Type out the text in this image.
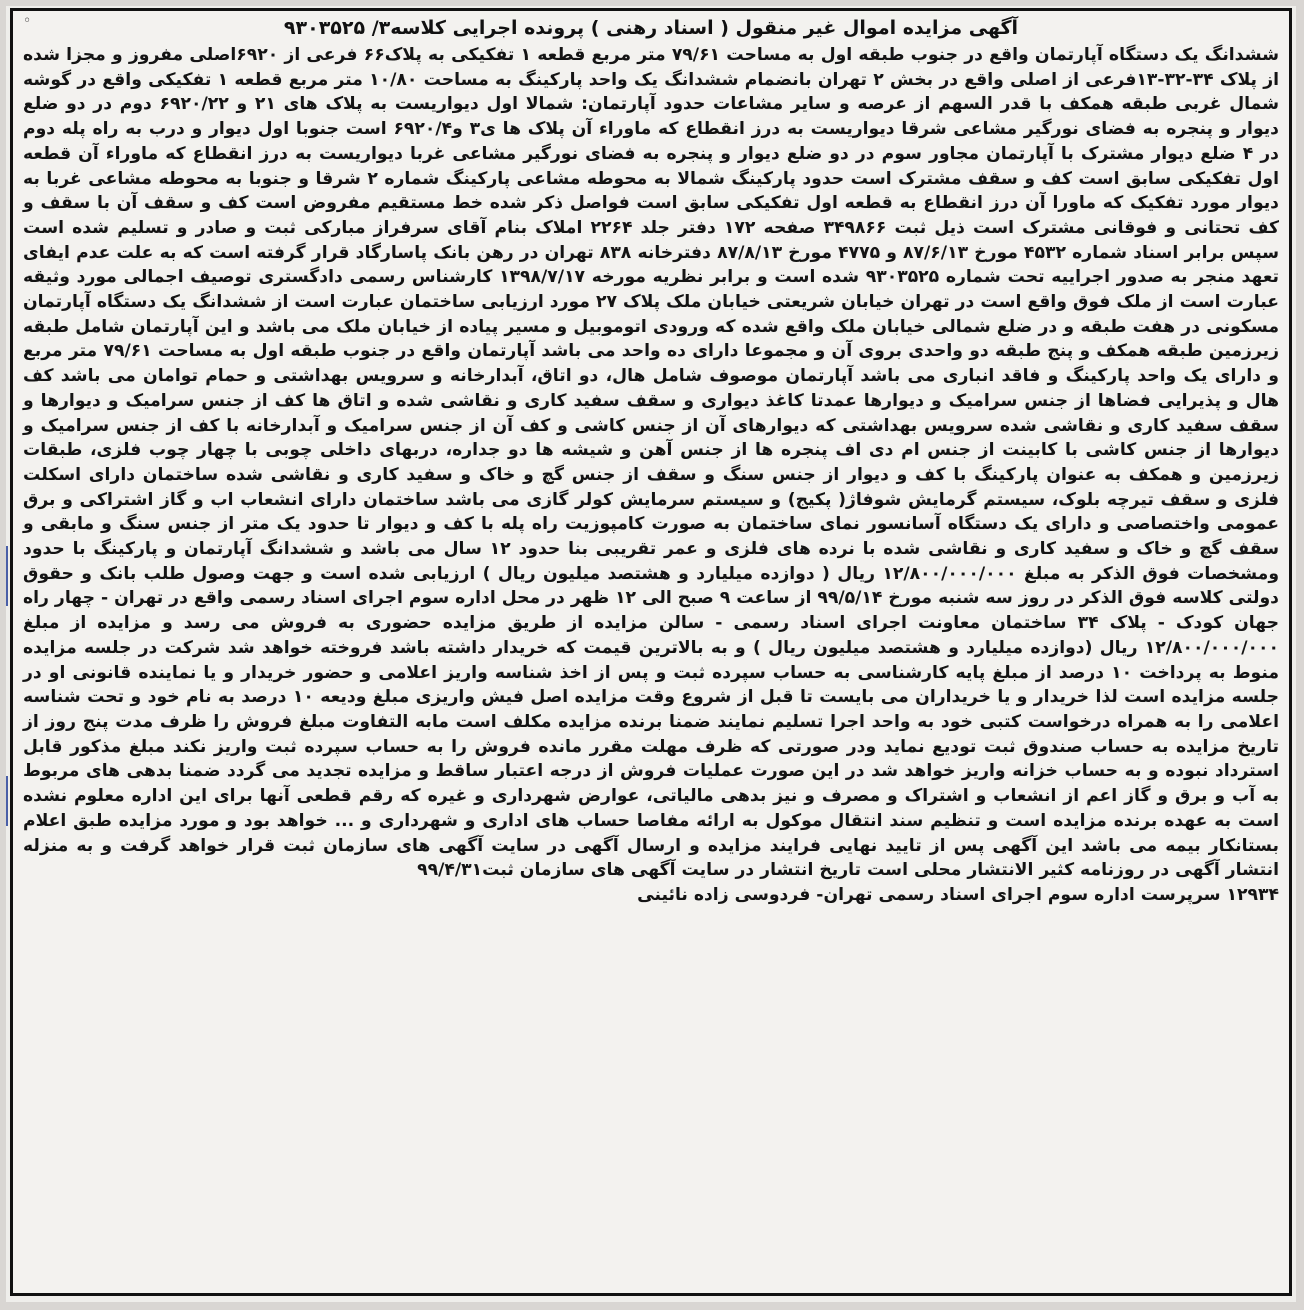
◦	آگهی مزایده اموال غیر منقول ( اسناد رهنی ) پرونده اجرایی کلاسه۳/ ۹۳۰۳۵۲۵

ششدانگ یک دستگاه آپارتمان واقع در جنوب طبقه اول به مساحت ۷۹/۶۱ متر مربع قطعه ۱ تفکیکی به پلاک۶۶ فرعی از ۶۹۲۰اصلی مفروز و مجزا شده از پلاک ۳۴-۳۲-۱۳فرعی از اصلی واقع در بخش ۲ تهران بانضمام ششدانگ یک واحد پارکینگ به مساحت ۱۰/۸۰ متر مربع قطعه ۱ تفکیکی واقع در گوشه شمال غربی طبقه همکف با قدر السهم از عرصه و سایر مشاعات حدود آپارتمان: شمالا اول دیواریست به پلاک های ۲۱ و ۶۹۲۰/۲۲ دوم در دو ضلع دیوار و پنجره به فضای نورگیر مشاعی شرقا دیواریست به درز انقطاع که ماوراء آن پلاک ها ی۳ و۶۹۲۰/۴ است جنوبا اول دیوار و درب به راه پله دوم در ۴ ضلع دیوار مشترک با آپارتمان مجاور سوم در دو ضلع دیوار و پنجره به فضای نورگیر مشاعی غربا دیواریست به درز انقطاع که ماوراء آن قطعه اول تفکیکی سابق است کف و سقف مشترک است حدود پارکینگ شمالا به محوطه مشاعی پارکینگ شماره ۲ شرقا و جنوبا به محوطه مشاعی غربا به دیوار مورد تفکیک که ماورا آن درز انقطاع به قطعه اول تفکیکی سابق است فواصل ذکر شده خط مستقیم مفروض است کف و سقف آن با سقف و کف تحتانی و فوقانی مشترک است ذیل ثبت ۳۴۹۸۶۶ صفحه ۱۷۲ دفتر جلد ۲۲۶۴ املاک بنام آقای سرفراز مبارکی ثبت و صادر و تسلیم شده است سپس برابر اسناد شماره ۴۵۳۲ مورخ ۸۷/۶/۱۳ و ۴۷۷۵ مورخ ۸۷/۸/۱۳ دفترخانه ۸۳۸ تهران در رهن بانک پاسارگاد قرار گرفته است که به علت عدم ایفای تعهد منجر به صدور اجراییه تحت شماره ۹۳۰۳۵۲۵ شده است و برابر نظریه مورخه ۱۳۹۸/۷/۱۷ کارشناس رسمی دادگستری توصیف اجمالی مورد وثیقه عبارت است از ملک فوق واقع است در تهران خیابان شریعتی خیابان ملک پلاک ۲۷ مورد ارزیابی ساختمان عبارت است از ششدانگ یک دستگاه آپارتمان مسکونی در هفت طبقه و در ضلع شمالی خیابان ملک واقع شده که ورودی اتوموبیل و مسیر پیاده از خیابان ملک می باشد و این آپارتمان شامل طبقه زیرزمین طبقه همکف و پنج طبقه دو واحدی بروی آن و مجموعا دارای ده واحد می باشد آپارتمان واقع در جنوب طبقه اول به مساحت ۷۹/۶۱ متر مربع و دارای یک واحد پارکینگ و فاقد انباری می باشد آپارتمان موصوف شامل هال، دو اتاق، آبدارخانه و سرویس بهداشتی و حمام توامان می باشد کف هال و پذیرایی فضاها از جنس سرامیک و دیوارها عمدتا کاغذ دیواری و سقف سفید کاری و نقاشی شده و اتاق ها کف از جنس سرامیک و دیوارها و سقف سفید کاری و نقاشی شده سرویس بهداشتی که دیوارهای آن از جنس کاشی و کف آن از جنس سرامیک و آبدارخانه با کف از جنس سرامیک و دیوارها از جنس کاشی با کابینت از جنس ام دی اف پنجره ها از جنس آهن و شیشه ها دو جداره، دربهای داخلی چوبی با چهار چوب فلزی، طبقات زیرزمین و همکف به عنوان پارکینگ با کف و دیوار از جنس سنگ و سقف از جنس گچ و خاک و سفید کاری و نقاشی شده ساختمان دارای اسکلت فلزی و سقف تیرچه بلوک، سیستم گرمایش شوفاژ( پکیج) و سیستم سرمایش کولر گازی می باشد ساختمان دارای انشعاب اب و گاز اشتراکی و برق عمومی واختصاصی و دارای یک دستگاه آسانسور نمای ساختمان به صورت کامپوزیت راه پله با کف و دیوار تا حدود یک متر از جنس سنگ و مابقی و سقف گچ و خاک و سفید کاری و نقاشی شده با نرده های فلزی و عمر تقریبی بنا حدود ۱۲ سال می باشد و ششدانگ آپارتمان و پارکینگ با حدود ومشخصات فوق الذکر به مبلغ ۱۲/۸۰۰/۰۰۰/۰۰۰ ریال ( دوازده میلیارد و هشتصد میلیون ریال ) ارزیابی شده است و جهت وصول طلب بانک و حقوق دولتی کلاسه فوق الذکر در روز سه شنبه مورخ ۹۹/۵/۱۴ از ساعت ۹ صبح الی ۱۲ ظهر در محل اداره سوم اجرای اسناد رسمی واقع در تهران - چهار راه جهان کودک - پلاک ۳۴ ساختمان معاونت اجرای اسناد رسمی - سالن مزایده از طریق مزایده حضوری به فروش می رسد و مزایده از مبلغ ۱۲/۸۰۰/۰۰۰/۰۰۰ ریال (دوازده میلیارد و هشتصد میلیون ریال ) و به بالاترین قیمت که خریدار داشته باشد فروخته خواهد شد شرکت در جلسه مزایده منوط به پرداخت ۱۰ درصد از مبلغ پایه کارشناسی به حساب سپرده ثبت و پس از اخذ شناسه واریز اعلامی و حضور خریدار و یا نماینده قانونی او در جلسه مزایده است لذا خریدار و یا خریداران می بایست تا قبل از شروع وقت مزایده اصل فیش واریزی مبلغ ودیعه ۱۰ درصد به نام خود و تحت شناسه اعلامی را به همراه درخواست کتبی خود به واحد اجرا تسلیم نمایند ضمنا برنده مزایده مکلف است مابه التفاوت مبلغ فروش را ظرف مدت پنج روز از تاریخ مزایده به حساب صندوق ثبت تودیع نماید ودر صورتی که ظرف مهلت مقرر مانده فروش را به حساب سپرده ثبت واریز نکند مبلغ مذکور قابل استرداد نبوده و به حساب خزانه واریز خواهد شد در این صورت عملیات فروش از درجه اعتبار ساقط و مزایده تجدید می گردد ضمنا بدهی های مربوط به آب و برق و گاز اعم از انشعاب و اشتراک و مصرف و نیز بدهی مالیاتی، عوارض شهرداری و غیره که رقم قطعی آنها برای این اداره معلوم نشده است به عهده برنده مزایده است و تنظیم سند انتقال موکول به ارائه مفاصا حساب های اداری و شهرداری و ... خواهد بود و مورد مزایده طبق اعلام بستانکار بیمه می باشد این آگهی پس از تایید نهایی فرایند مزایده و ارسال آگهی در سایت آگهی های سازمان ثبت قرار خواهد گرفت و به منزله انتشار آگهی در روزنامه کثیر الانتشار محلی است تاریخ انتشار در سایت آگهی های سازمان ثبت۹۹/۴/۳۱

۱۲۹۳۴ سرپرست اداره سوم اجرای اسناد رسمی تهران- فردوسی زاده نائینی
